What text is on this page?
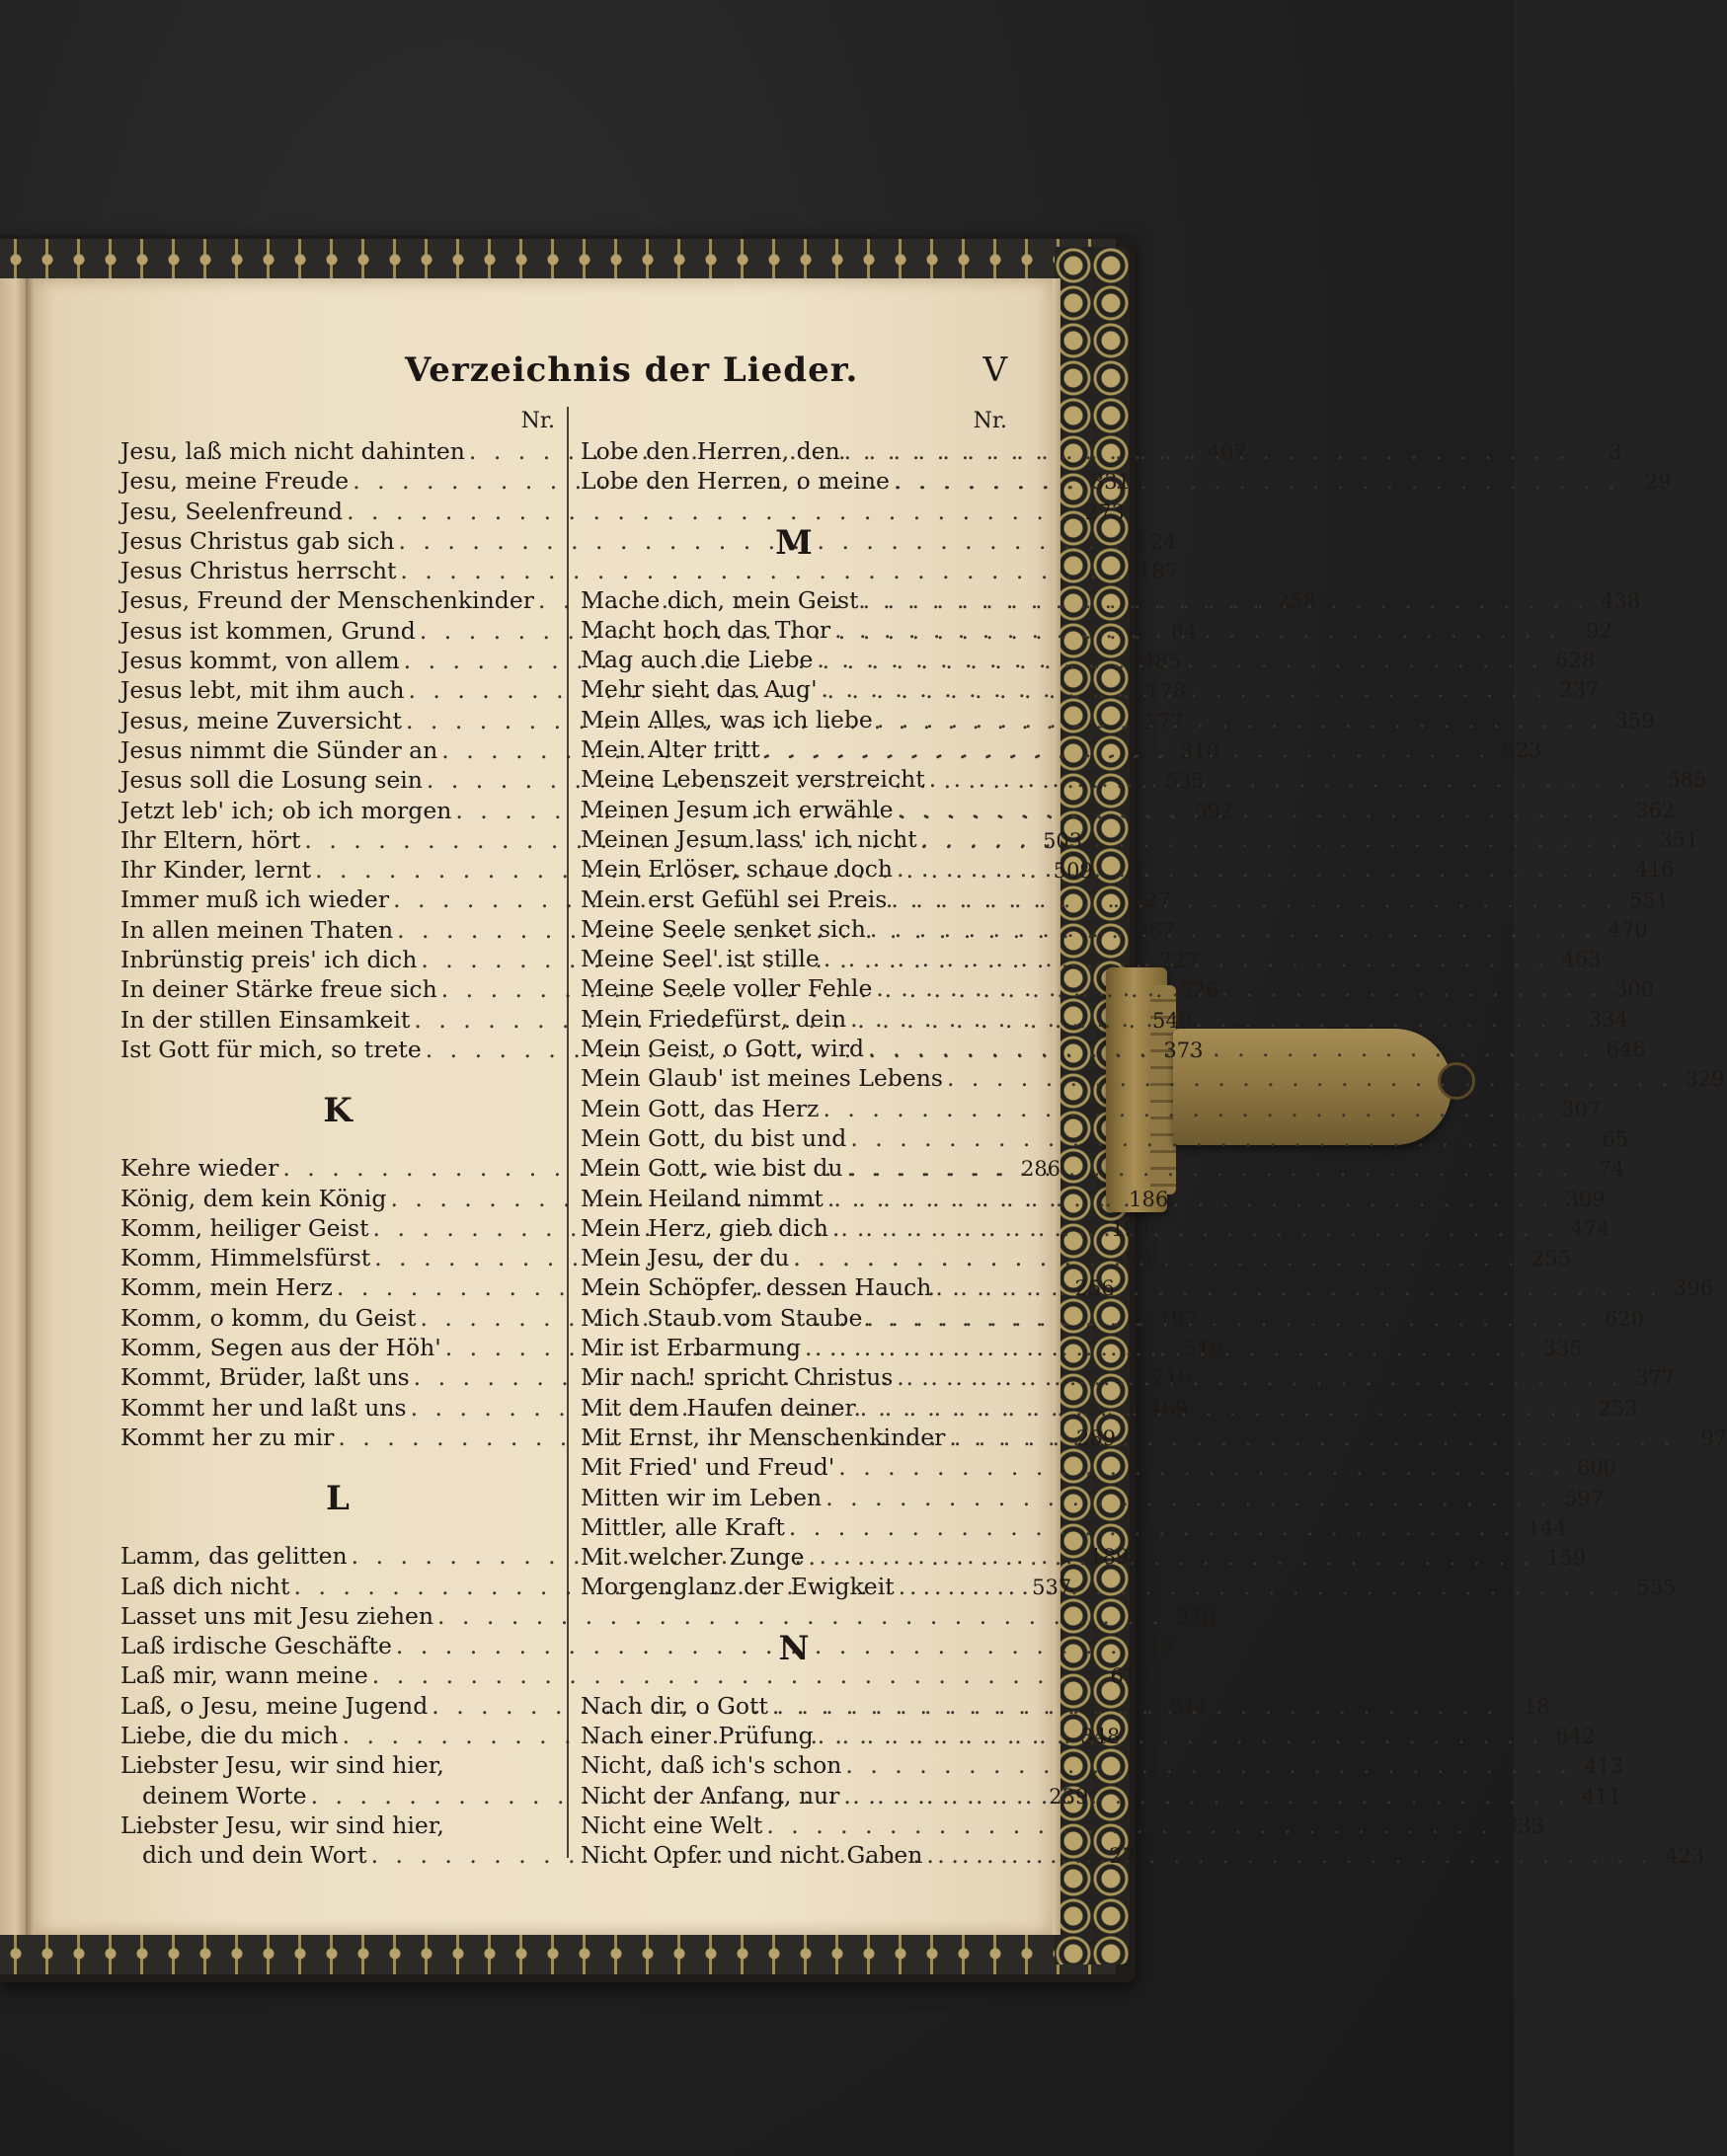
Verzeichnis der Lieder.	V
Nr.
Jesu, laß mich nicht dahinten . . .	407
Jesu, meine Freude . . .	331
Jesu, Seelenfreund . . .	273
Jesus Christus gab sich . . .	124
Jesus Christus herrscht . . .	187
Jesus, Freund der Menschenkinder . . .	258
Jesus ist kommen, Grund . . .	84
Jesus kommt, von allem . . .	485
Jesus lebt, mit ihm auch . . .	178
Jesus, meine Zuversicht . . .	177
Jesus nimmt die Sünder an . . .	310
Jesus soll die Losung sein . . .	535
Jetzt leb' ich; ob ich morgen . . .	592
Ihr Eltern, hört . . .	503
Ihr Kinder, lernt . . .	509
Immer muß ich wieder . . .	127
In allen meinen Thaten . . .	367
Inbrünstig preis' ich dich . . .	227
In deiner Stärke freue sich . . .	526
In der stillen Einsamkeit . . .	548
Ist Gott für mich, so trete . . .	373
K
Kehre wieder . . .	286
König, dem kein König . . .	186
Komm, heiliger Geist . . .	194
Komm, Himmelsfürst . . .	95
Komm, mein Herz . . .	256
Komm, o komm, du Geist . . .	197
Komm, Segen aus der Höh' . . .	516
Kommt, Brüder, laßt uns . . .	218
Kommt her und laßt uns . . .	489
Kommt her zu mir . . .	289
L
Lamm, das gelitten . . .	189
Laß dich nicht . . .	537
Lasset uns mit Jesu ziehen . . .	378
Laß irdische Geschäfte . . .	249
Laß mir, wann meine . . .	613
Laß, o Jesu, meine Jugend . . .	511
Liebe, die du mich . . .	348
Liebster Jesu, wir sind hier,
deinem Worte . . .	239
Liebster Jesu, wir sind hier,
dich und dein Wort . . .	274
Nr.
Lobe den Herren, den . . .	3
Lobe den Herren, o meine . . .	29
M
Mache dich, mein Geist . . .	438
Macht hoch das Thor . . .	92
Mag auch die Liebe . . .	628
Mehr sieht das Aug' . . .	237
Mein Alles, was ich liebe . . .	359
Mein Alter tritt . . .	523
Meine Lebenszeit verstreicht . . .	585
Meinen Jesum ich erwähle . . .	362
Meinen Jesum lass' ich nicht . . .	351
Mein Erlöser, schaue doch . . .	416
Mein erst Gefühl sei Preis . . .	551
Meine Seele senket sich . . .	470
Meine Seel' ist stille . . .	463
Meine Seele voller Fehle . . .	300
Mein Friedefürst, dein . . .	334
Mein Geist, o Gott, wird . . .	646
Mein Glaub' ist meines Lebens . . .	329
Mein Gott, das Herz . . .	307
Mein Gott, du bist und . . .	65
Mein Gott, wie bist du . . .	74
Mein Heiland nimmt . . .	309
Mein Herz, gieb dich . . .	474
Mein Jesu, der du . . .	255
Mein Schöpfer, dessen Hauch . . .	396
Mich Staub vom Staube . . .	620
Mir ist Erbarmung . . .	335
Mir nach! spricht Christus . . .	377
Mit dem Haufen deiner . . .	253
Mit Ernst, ihr Menschenkinder . . .	97
Mit Fried' und Freud' . . .	600
Mitten wir im Leben . . .	597
Mittler, alle Kraft . . .	144
Mit welcher Zunge . . .	159
Morgenglanz der Ewigkeit . . .	555
N
Nach dir, o Gott . . .	18
Nach einer Prüfung . . .	642
Nicht, daß ich's schon . . .	413
Nicht der Anfang, nur . . .	411
Nicht eine Welt . . .	333
Nicht Opfer und nicht Gaben . . .	423
